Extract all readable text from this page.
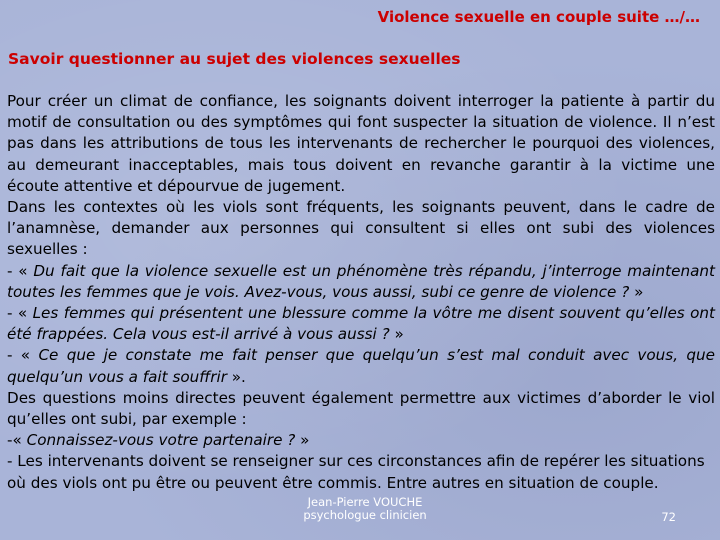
Violence sexuelle en couple suite …/…
Savoir questionner au sujet des violences sexuelles

Pour créer un climat de confiance, les soignants doivent interroger la patiente à partir du motif de consultation ou des symptômes qui font suspecter la situation de violence. Il n’est pas dans les attributions de tous les intervenants de rechercher le pourquoi des violences, au demeurant inacceptables, mais tous doivent en revanche garantir à la victime une écoute attentive et dépourvue de jugement.

Dans les contextes où les viols sont fréquents, les soignants peuvent, dans le cadre de l’anamnèse, demander aux personnes qui consultent si elles ont subi des violences sexuelles :

- « Du fait que la violence sexuelle est un phénomène très répandu, j’interroge maintenant toutes les femmes que je vois. Avez-vous, vous aussi, subi ce genre de violence ? »

- « Les femmes qui présentent une blessure comme la vôtre me disent souvent qu’elles ont été frappées. Cela vous est-il arrivé à vous aussi ? »

- « Ce que je constate me fait penser que quelqu’un s’est mal conduit avec vous, que quelqu’un vous a fait souffrir ».

Des questions moins directes peuvent également permettre aux victimes d’aborder le viol qu’elles ont subi, par exemple :

-« Connaissez-vous votre partenaire ? »

- Les intervenants doivent se renseigner sur ces circonstances afin de repérer les situations où des viols ont pu être ou peuvent être commis. Entre autres en situation de couple.

Jean-Pierre VOUCHE
psychologue clinicien	72
